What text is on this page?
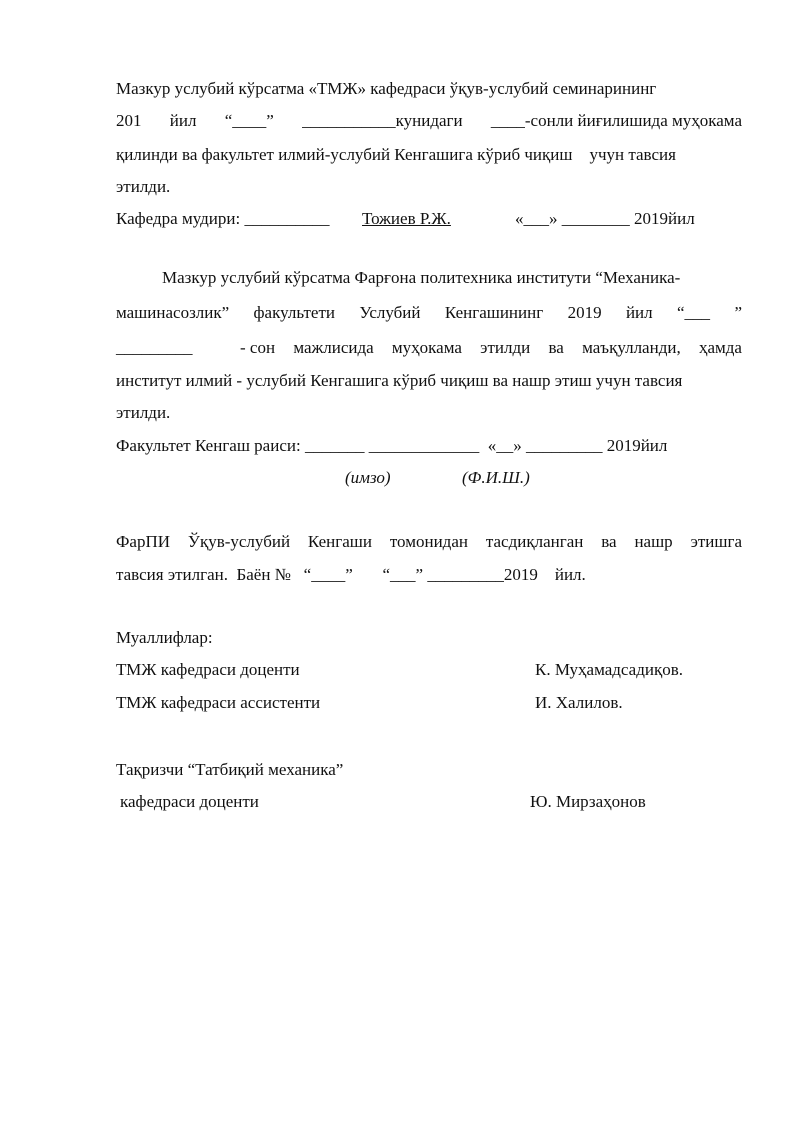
Мазкур услубий кўрсатма «ТМЖ» кафедраси ўқув-услубий семинарининг
201 йил “____” ___________кунидаги ____-сонли йиғилишида муҳокама
қилинди ва факультет илмий-услубий Кенгашига кўриб чиқиш    учун тавсия
этилди.
Кафедра мудири: __________ Тожиев Р.Ж.	«___» ________ 2019йил
Мазкур услубий кўрсатма Фарғона политехника институти “Механика-
машинасозлик” факультети Услубий Кенгашининг 2019 йил “___ ”
_________	- сон мажлисида муҳокама этилди ва маъқулланди, ҳамда
институт илмий - услубий Кенгашига кўриб чиқиш ва нашр этиш учун тавсия
этилди.
Факультет Кенгаш раиси: _______ _____________  «__» _________ 2019йил
(имзо)	(Ф.И.Ш.)
ФарПИ Ўқув-услубий Кенгаши томонидан тасдиқланган ва нашр этишга
тавсия этилган.  Баён №   “____”       “___” _________2019    йил.
Муаллифлар:
ТМЖ кафедраси доценти	К. Муҳамадсадиқов.
ТМЖ кафедраси ассистенти	И. Халилов.
Тақризчи “Татбиқий механика”
кафедраси доценти	Ю. Мирзаҳонов
